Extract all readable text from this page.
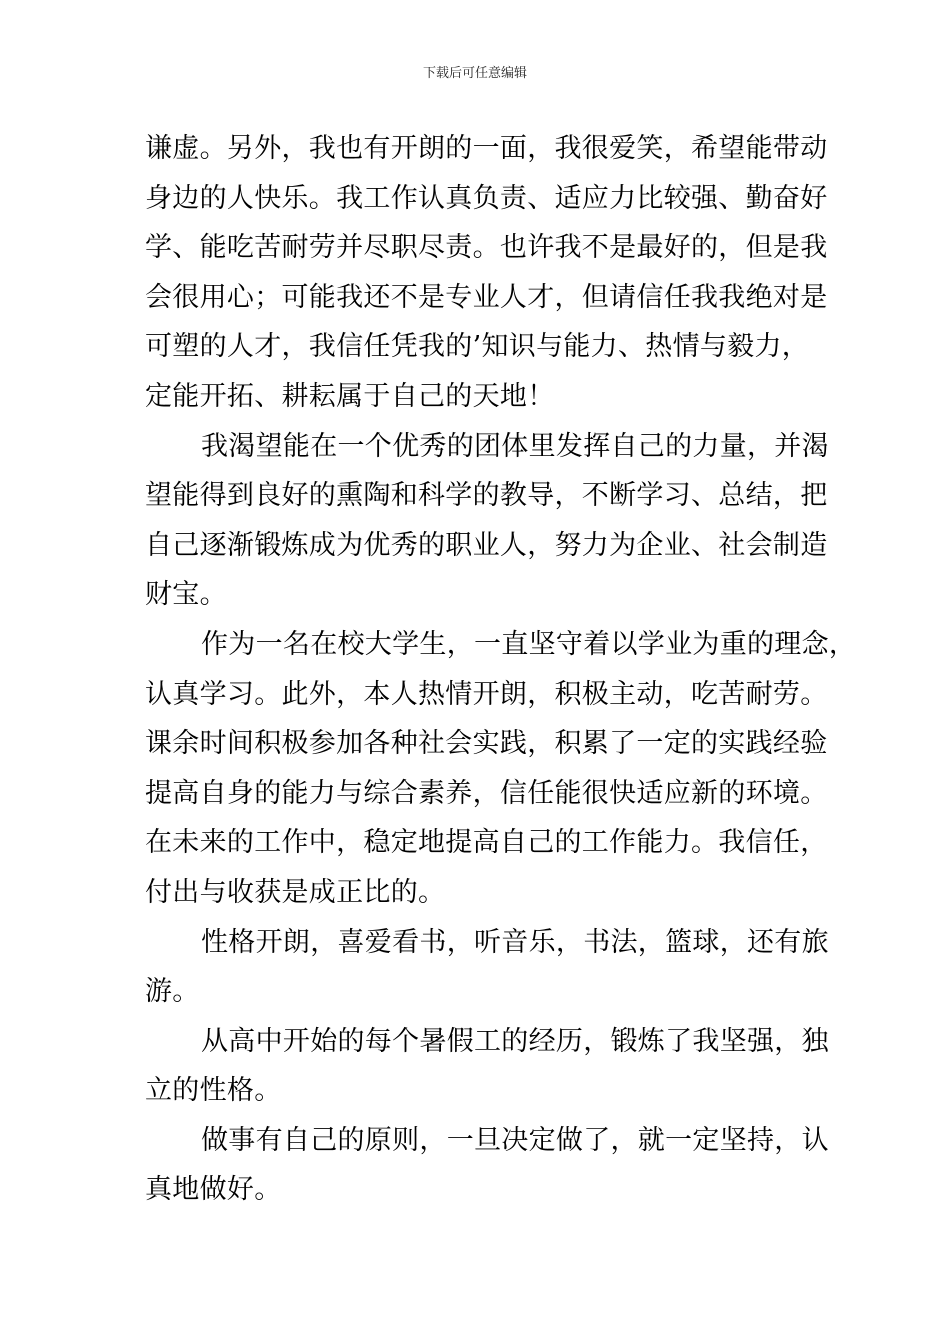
下载后可任意编辑
谦虚。另外，我也有开朗的一面，我很爱笑，希望能带动
身边的人快乐。我工作认真负责、适应力比较强、勤奋好
学、能吃苦耐劳并尽职尽责。也许我不是最好的，但是我
会很用心；可能我还不是专业人才，但请信任我我绝对是
可塑的人才，我信任凭我的’知识与能力、热情与毅力，
定能开拓、耕耘属于自己的天地！
我渴望能在一个优秀的团体里发挥自己的力量，并渴
望能得到良好的熏陶和科学的教导，不断学习、总结，把
自己逐渐锻炼成为优秀的职业人，努力为企业、社会制造
财宝。
作为一名在校大学生，一直坚守着以学业为重的理念，
认真学习。此外，本人热情开朗，积极主动，吃苦耐劳。
课余时间积极参加各种社会实践，积累了一定的实践经验
提高自身的能力与综合素养，信任能很快适应新的环境。
在未来的工作中，稳定地提高自己的工作能力。我信任，
付出与收获是成正比的。
性格开朗，喜爱看书，听音乐，书法，篮球，还有旅
游。
从高中开始的每个暑假工的经历，锻炼了我坚强，独
立的性格。
做事有自己的原则，一旦决定做了，就一定坚持，认
真地做好。
